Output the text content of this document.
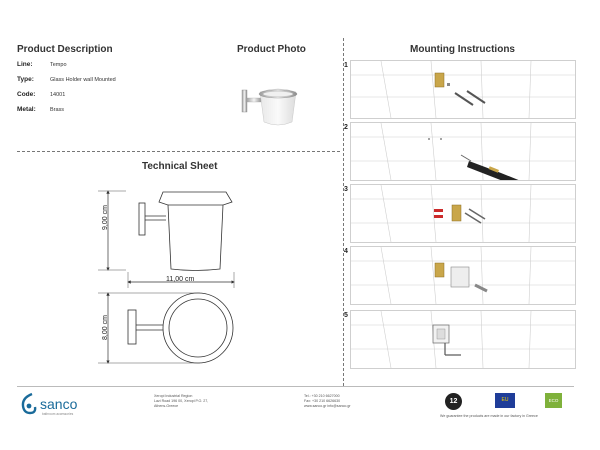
Product Description
Line:	Tempo
Type:	Glass Holder wall Mounted
Code:	14001
Metal:	Brass
Product Photo
Technical Sheet
9,00 cm
11,00 cm
8,00 cm
Mounting Instructions
1
2
3
4
5
sanco
bathroom accessories
Xeropi Industrial Region
Lazi Road 196 00, Xeropi P.O. 27,
Athens-Greece
Tel.: +30 210 6627000
Fax: +30 210 6626630
www.sanco.gr info@sanco.gr
12	EU	ECO
We guarantee the products are made in our factory in Greece
